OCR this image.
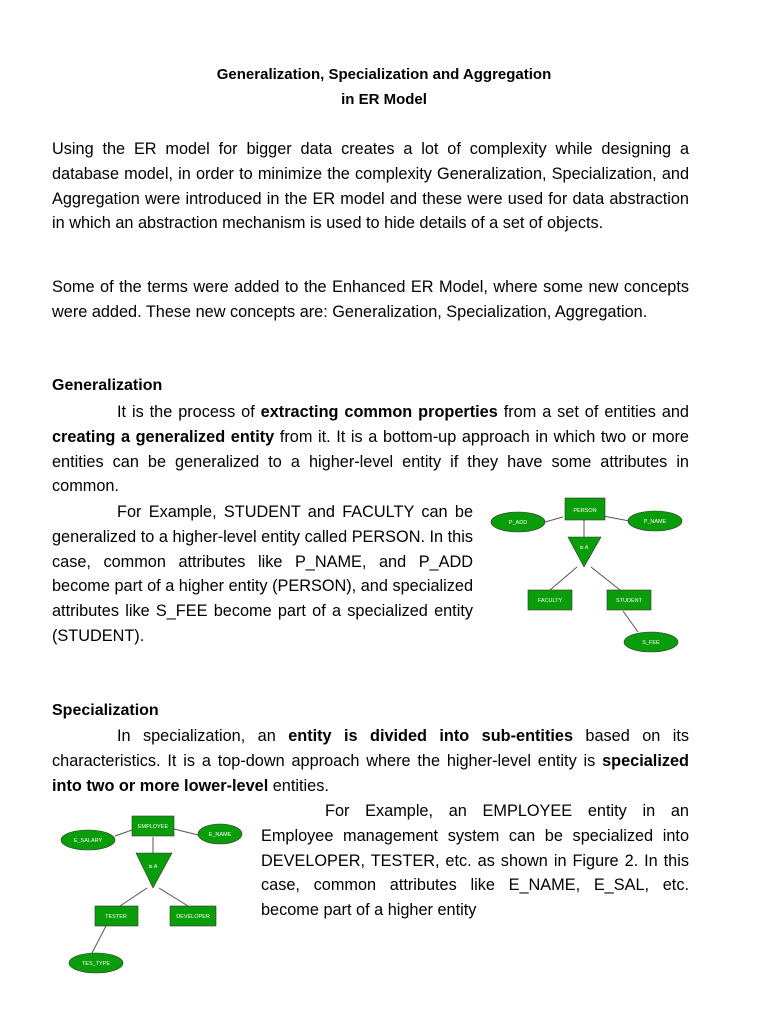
Generalization, Specialization and Aggregation
in ER Model
Using the ER model for bigger data creates a lot of complexity while designing a database model, in order to minimize the complexity Generalization, Specialization, and Aggregation were introduced in the ER model and these were used for data abstraction in which an abstraction mechanism is used to hide details of a set of objects.
Some of the terms were added to the Enhanced ER Model, where some new concepts were added. These new concepts are: Generalization, Specialization, Aggregation.
Generalization
It is the process of extracting common properties from a set of entities and creating a generalized entity from it. It is a bottom-up approach in which two or more entities can be generalized to a higher-level entity if they have some attributes in common.
For Example, STUDENT and FACULTY can be generalized to a higher-level entity called PERSON. In this case, common attributes like P_NAME, and P_ADD become part of a higher entity (PERSON), and specialized attributes like S_FEE become part of a specialized entity (STUDENT).
PERSON
P_ADD	P_NAME
is A
FACULTY	STUDENT
S_FEE
Specialization
In specialization, an entity is divided into sub-entities based on its characteristics. It is a top-down approach where the higher-level entity is specialized into two or more lower-level entities.
For Example, an EMPLOYEE entity in an Employee management system can be specialized into DEVELOPER, TESTER, etc. as shown in Figure 2. In this case, common attributes like E_NAME, E_SAL, etc. become part of a higher entity
EMPLOYEE
E_SALARY
E_NAME
is A
TESTER	DEVELOPER
TES_TYPE
